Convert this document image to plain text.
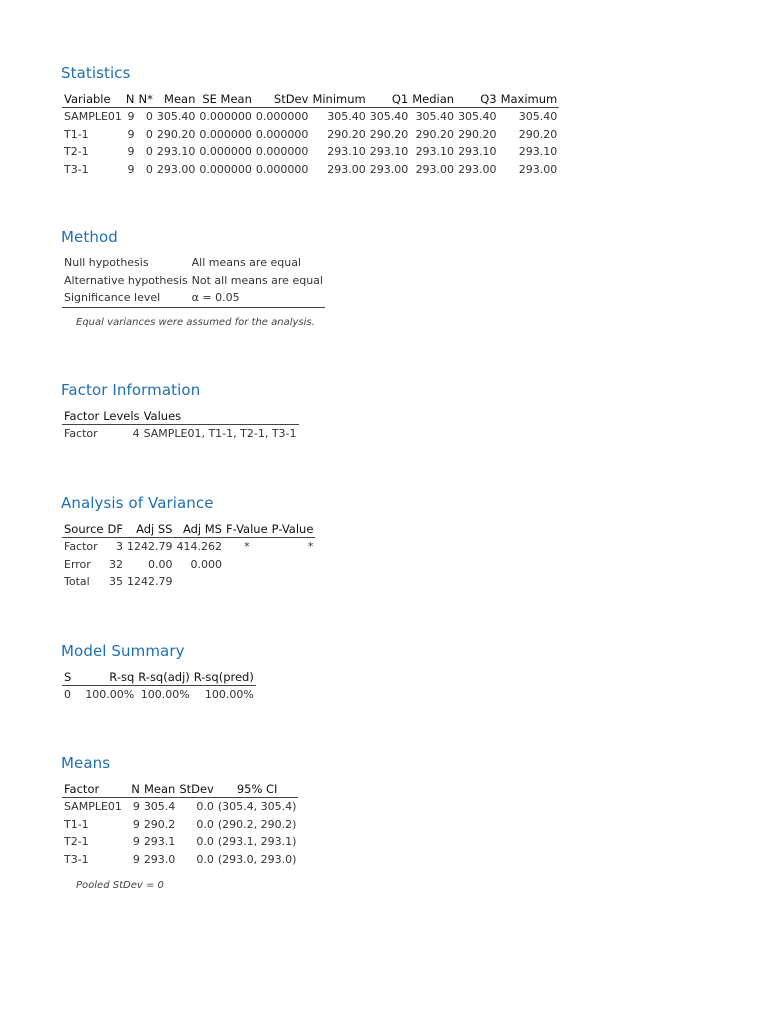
Statistics
Variable	N	N*	Mean	SE Mean	StDev	Minimum	Q1	Median	Q3	Maximum
SAMPLE01	9	0	305.40	0.000000	0.000000	305.40	305.40	305.40	305.40	305.40
T1-1	9	0	290.20	0.000000	0.000000	290.20	290.20	290.20	290.20	290.20
T2-1	9	0	293.10	0.000000	0.000000	293.10	293.10	293.10	293.10	293.10
T3-1	9	0	293.00	0.000000	0.000000	293.00	293.00	293.00	293.00	293.00
Method
Null hypothesis	All means are equal
Alternative hypothesis	Not all means are equal
Significance level	α = 0.05

Equal variances were assumed for the analysis.

Factor Information
Factor	Levels	Values
Factor	4	SAMPLE01, T1-1, T2-1, T3-1
Analysis of Variance
Source	DF	Adj SS	Adj MS	F-Value	P-Value
Factor	3	1242.79	414.262	*	*
Error	32	0.00	0.000		
Total	35	1242.79			
Model Summary
S	R-sq	R-sq(adj)	R-sq(pred)
0	100.00%	100.00%	100.00%
Means
Factor	N	Mean	StDev	95% CI
SAMPLE01	9	305.4	0.0	(305.4, 305.4)
T1-1	9	290.2	0.0	(290.2, 290.2)
T2-1	9	293.1	0.0	(293.1, 293.1)
T3-1	9	293.0	0.0	(293.0, 293.0)

Pooled StDev = 0
